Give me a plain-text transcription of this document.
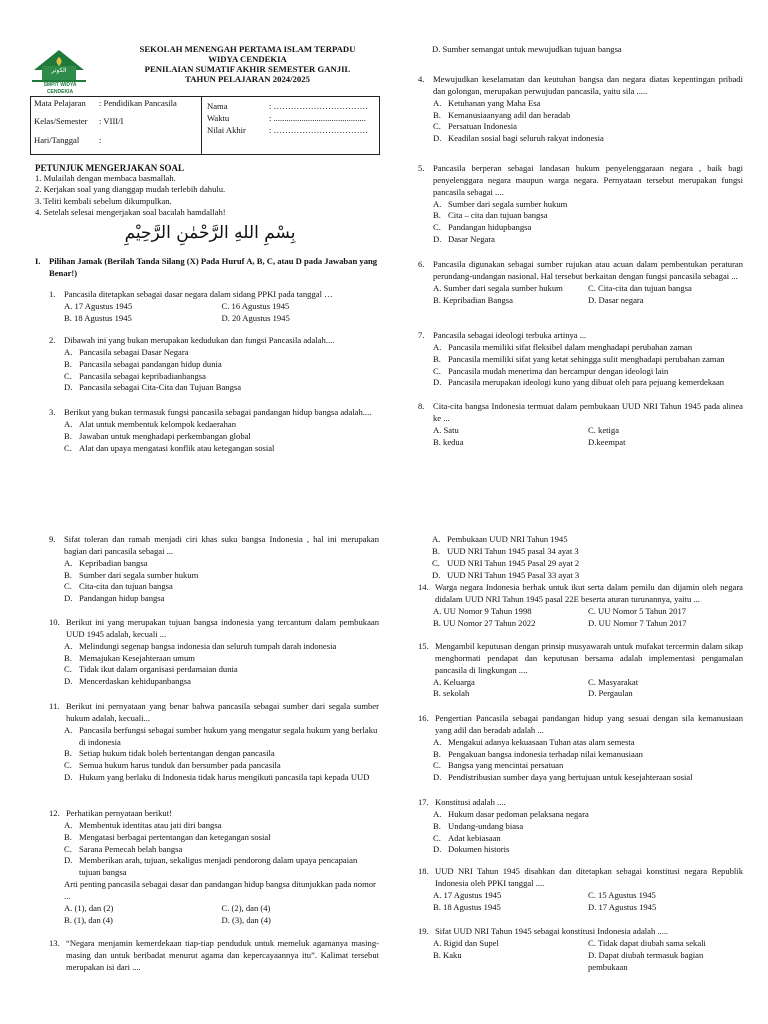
SMPIT WIDYA CENDEKIA
الكوثر
SEKOLAH MENENGAH PERTAMA ISLAM TERPADU
WIDYA CENDEKIA
PENILAIAN SUMATIF AKHIR SEMESTER GANJIL
TAHUN PELAJARAN 2024/2025
Mata Pelajaran : Pendidikan Pancasila
Kelas/Semester : VIII/I
Hari/Tanggal :
Nama	: ……………………………
Waktu	: ...........................................
Nilai Akhir	: ……………………………
PETUNJUK MENGERJAKAN SOAL
1. Mulailah dengan membaca basmallah.
2. Kerjakan soal yang dianggap mudah terlebih dahulu.
3. Teliti kembali sebelum dikumpulkan.
4. Setelah selesai mengerjakan soal bacalah hamdallah!
بِسْمِ اللهِ الرَّحْمٰنِ الرَّحِيْمِ
I. Pilihan Jamak (Berilah Tanda Silang (X) Pada Huruf A, B, C, atau D pada Jawaban yang Benar!)
1. Pancasila ditetapkan sebagai dasar negara dalam sidang PPKI pada tanggal …
A. 17 Agustus 1945	C. 16 Agustus 1945
B. 18 Agustus 1945	D. 20 Agustus 1945
2. Dibawah ini yang bukan merupakan kedudukan dan fungsi Pancasila adalah....
A. Pancasila sebagai Dasar Negara
B. Pancasila sebagai pandangan hidup dunia
C. Pancasila sebagai kepribadianbangsa
D. Pancasila sebagai Cita-Cita dan Tujuan Bangsa
3. Berikut yang bukan termasuk fungsi pancasila sebagai pandangan hidup bangsa adalah....
A. Alat untuk membentuk kelompok kedaerahan
B. Jawaban untuk menghadapi perkembangan global
C. Alat dan upaya mengatasi konflik atau ketegangan sosial
D. Sumber semangat untuk mewujudkan tujuan bangsa
4. Mewujudkan keselamatan dan keutuhan bangsa dan negara diatas kepentingan pribadi dan golongan, merupakan perwujudan pancasila, yaitu sila .....
A. Ketuhanan yang Maha Esa
B. Kemanusiaanyang adil dan beradab
C. Persatuan Indonesia
D. Keadilan sosial bagi seluruh rakyat indonesia
5. Pancasila berperan sebagai landasan hukum penyelenggaraan negara , baik bagi penyelenggara negara maupun warga negara. Pernyataan tersebut merupakan fungsi pancasila sebagai ....
A. Sumber dari segala sumber hukum
B. Cita – cita dan tujuan bangsa
C. Pandangan hidupbangsa
D. Dasar Negara
6. Pancasila digunakan sebagai sumber rujukan atau acuan dalam pembentukan peraturan perundang-undangan nasional. Hal tersebut berkaitan dengan fungsi pancasila sebagai ...
A. Sumber dari segala sumber hukum	C. Cita-cita dan tujuan bangsa
B. Kepribadian Bangsa	D. Dasar negara
7. Pancasila sebagai ideologi terbuka artinya ...
A. Pancasila memiliki sifat fleksibel dalam menghadapi perubahan zaman
B. Pancasila memiliki sifat yang ketat sehingga sulit menghadapi perubahan zaman
C. Pancasila mudah menerima dan bercampur dengan ideologi lain
D. Pancasila merupakan ideologi kuno yang dibuat oleh para pejuang kemerdekaan
8. Cita-cita bangsa Indonesia termuat dalam pembukaan UUD NRI Tahun 1945 pada alinea ke ...
A. Satu	C. ketiga
B. kedua	D.keempat
9. Sifat toleran dan ramah menjadi ciri khas suku bangsa Indonesia , hal ini merupakan bagian dari pancasila sebagai ...
A. Kepribadian bangsa
B. Sumber dari segala sumber hukum
C. Cita-cita dan tujuan bangsa
D. Pandangan hidup bangsa
10. Berikut ini yang merupakan tujuan bangsa indonesia yang tercantum dalam pembukaan UUD 1945 adalah, kecuali ...
A. Melindungi segenap bangsa indonesia dan seluruh tumpah darah indonesia
B. Memajukan Kesejahteraan umum
C. Tidak ikut dalam organisasi perdamaian dunia
D. Mencerdaskan kehidupanbangsa
11. Berikut ini pernyataan yang benar bahwa pancasila sebagai sumber dari segala sumber hukum adalah, kecuali...
A. Pancasila berfungsi sebagai sumber hukum yang mengatur segala hukum yang berlaku di indonesia
B. Setiap hukum tidak boleh bertentangan dengan pancasila
C. Semua hukum harus tunduk dan bersumber pada pancasila
D. Hukum yang berlaku di Indonesia tidak harus mengikuti pancasila tapi kepada UUD
12. Perhatikan pernyataan berikut!
A. Membentuk identitas atau jati diri bangsa
B. Mengatasi berbagai pertentangan dan ketegangan sosial
C. Sarana Pemecah belah bangsa
D. Memberikan arah, tujuan, sekaligus menjadi pendorong dalam upaya pencapaian tujuan bangsa
Arti penting pancasila sebagai dasar dan pandangan hidup bangsa ditunjukkan pada nomor ...
A. (1), dan (2)	C. (2), dan (4)
B. (1), dan (4)	D. (3), dan (4)
13. “Negara menjamin kemerdekaan tiap-tiap penduduk untuk memeluk agamanya masing-masing dan untuk beribadat menurut agama dan kepercayaannya itu”. Kalimat tersebut merupakan isi dari ....
A. Pembukaan UUD NRI Tahun 1945
B. UUD NRI Tahun 1945 pasal 34 ayat 3
C. UUD NRI Tahun 1945 Pasal 29 ayat 2
D. UUD NRI Tahun 1945 Pasal 33 ayat 3
14. Warga negara Indonesia berhak untuk ikut serta dalam pemilu dan dijamin oleh negara didalam UUD NRI Tahun 1945 pasal 22E beserta aturan turunannya, yaitu ...
A. UU Nomor 9 Tahun 1998	C. UU Nomor 5 Tahun 2017
B. UU Nomor 27 Tahun 2022	D. UU Nomor 7 Tahun 2017
15. Mengambil keputusan dengan prinsip musyawarah untuk mufakat tercermin dalam sikap menghormati pendapat dan keputusan bersama adalah implementasi pengamalan pancasila di lingkungan ....
A. Keluarga	C. Masyarakat
B. sekolah	D. Pergaulan
16. Pengertian Pancasila sebagai pandangan hidup yang sesuai dengan sila kemanusiaan yang adil dan beradab adalah ...
A. Mengakui adanya kekuasaan Tuhan atas alam semesta
B. Pengakuan bangsa indonesia terhadap nilai kemanusiaan
C. Bangsa yang mencintai persatuan
D. Pendistribusian sumber daya yang bertujuan untuk kesejahteraan sosial
17. Konstitusi adalah ....
A. Hukum dasar pedoman pelaksana negara
B. Undang-undang biasa
C. Adat kebiasaan
D. Dokumen historis
18. UUD NRI Tahun 1945 disahkan dan ditetapkan sebagai konstitusi negara Republik Indonesia oleh PPKI tanggal ....
A. 17 Agustus 1945	C. 15 Agustus 1945
B. 18 Agustus 1945	D. 17 Agustus 1945
19. Sifat UUD NRI Tahun 1945 sebagai konstitusi Indonesia adalah .....
A. Rigid dan Supel	C. Tidak dapat diubah sama sekali
B. Kaku	D. Dapat diubah termasuk bagian pembukaan
